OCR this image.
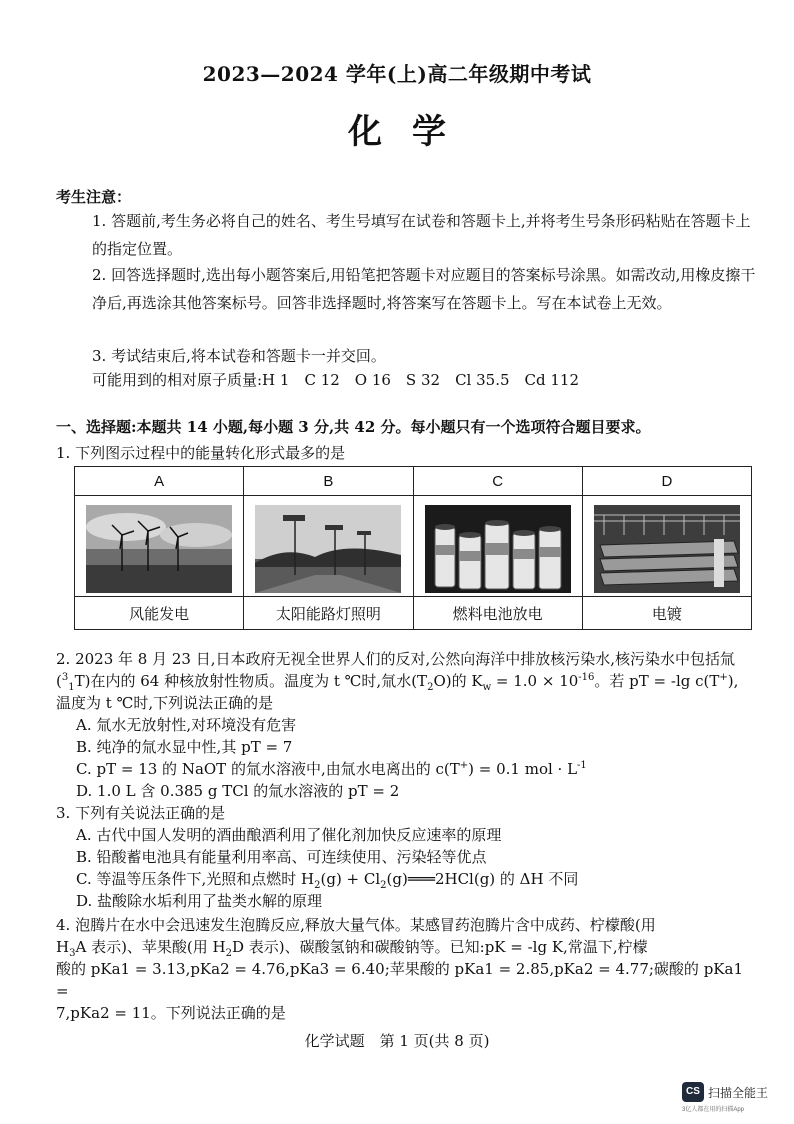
2023—2024 学年(上)高二年级期中考试
化学
考生注意：
1. 答题前,考生务必将自己的姓名、考生号填写在试卷和答题卡上,并将考生号条形码粘贴在答题卡上的指定位置。
2. 回答选择题时,选出每小题答案后,用铅笔把答题卡对应题目的答案标号涂黑。如需改动,用橡皮擦干净后,再选涂其他答案标号。回答非选择题时,将答案写在答题卡上。写在本试卷上无效。
3. 考试结束后,将本试卷和答题卡一并交回。
可能用到的相对原子质量:H 1　C 12　O 16　S 32　Cl 35.5　Cd 112
一、选择题:本题共 14 小题,每小题 3 分,共 42 分。每小题只有一个选项符合题目要求。
1. 下列图示过程中的能量转化形式最多的是
A	B	C	D

风能发电	太阳能路灯照明	燃料电池放电	电镀
2. 2023 年 8 月 23 日,日本政府无视全世界人们的反对,公然向海洋中排放核污染水,核污染水中包括氚($^3_1$T)在内的 64 种核放射性物质。温度为 t ℃时,氚水$(T_2O)$的 $K_w = 1.0 \times 10^{-16}$。若 pT = -lg c(T+),温度为 t ℃时,下列说法正确的是
A. 氚水无放射性,对环境没有危害
B. 纯净的氚水显中性,其 pT = 7
C. pT = 13 的 NaOT 的氚水溶液中,由氚水电离出的 c(T+) = 0.1 mol · $L^{-1}$
D. 1.0 L 含 0.385 g TCl 的氚水溶液的 pT = 2
3. 下列有关说法正确的是
A. 古代中国人发明的酒曲酿酒利用了催化剂加快反应速率的原理
B. 铅酸蓄电池具有能量利用率高、可连续使用、污染轻等优点
C. 等温等压条件下,光照和点燃时 $H_2(g)$ + $Cl_2(g)═══2HCl(g)$ 的 ΔH 不同
D. 盐酸除水垢利用了盐类水解的原理
4. 泡腾片在水中会迅速发生泡腾反应,释放大量气体。某感冒药泡腾片含中成药、柠檬酸(用
$H_3A$ 表示)、苹果酸(用 $H_2D$ 表示)、碳酸氢钠和碳酸钠等。已知:pK = -lg K,常温下,柠檬
酸的 pKa1 = 3.13,pKa2 = 4.76,pKa3 = 6.40;苹果酸的 pKa1 = 2.85,pKa2 = 4.77;碳酸的 pKa1 =
7,pKa2 = 11。下列说法正确的是
化学试题　第 1 页(共 8 页)
CS 扫描全能王
3亿人都在用的扫描App
